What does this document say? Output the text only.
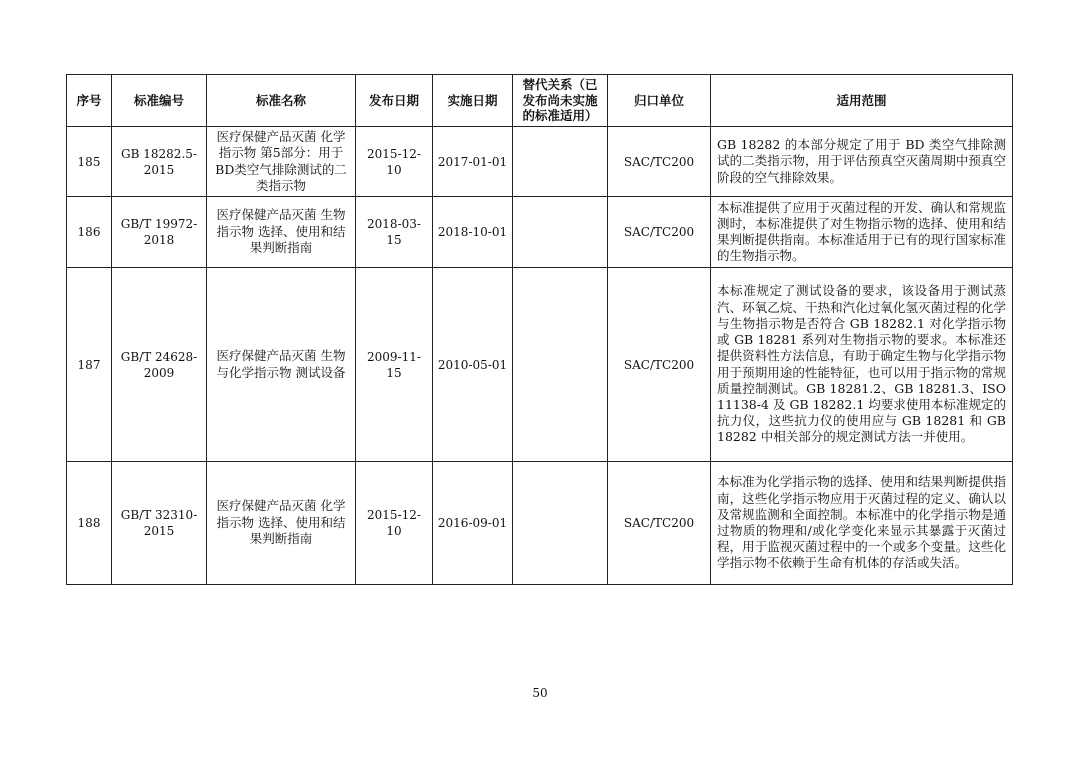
序号	标准编号	标准名称	发布日期	实施日期	替代关系（已发布尚未实施的标准适用）	归口单位	适用范围
185	GB 18282.5-2015	医疗保健产品灭菌 化学指示物 第5部分：用于BD类空气排除测试的二类指示物	2015-12-10	2017-01-01		SAC/TC200	GB 18282 的本部分规定了用于 BD 类空气排除测试的二类指示物，用于评估预真空灭菌周期中预真空阶段的空气排除效果。
186	GB/T 19972-2018	医疗保健产品灭菌 生物指示物 选择、使用和结果判断指南	2018-03-15	2018-10-01		SAC/TC200	本标准提供了应用于灭菌过程的开发、确认和常规监测时，本标准提供了对生物指示物的选择、使用和结果判断提供指南。本标准适用于已有的现行国家标准的生物指示物。
187	GB/T 24628-2009	医疗保健产品灭菌 生物与化学指示物 测试设备	2009-11-15	2010-05-01		SAC/TC200	本标准规定了测试设备的要求，该设备用于测试蒸汽、环氧乙烷、干热和汽化过氧化氢灭菌过程的化学与生物指示物是否符合 GB 18282.1 对化学指示物或 GB 18281 系列对生物指示物的要求。本标准还提供资料性方法信息，有助于确定生物与化学指示物用于预期用途的性能特征，也可以用于指示物的常规质量控制测试。GB 18281.2、GB 18281.3、ISO 11138-4 及 GB 18282.1 均要求使用本标准规定的抗力仪，这些抗力仪的使用应与 GB 18281 和 GB 18282 中相关部分的规定测试方法一并使用。
188	GB/T 32310-2015	医疗保健产品灭菌 化学指示物 选择、使用和结果判断指南	2015-12-10	2016-09-01		SAC/TC200	本标准为化学指示物的选择、使用和结果判断提供指南，这些化学指示物应用于灭菌过程的定义、确认以及常规监测和全面控制。本标准中的化学指示物是通过物质的物理和/或化学变化来显示其暴露于灭菌过程，用于监视灭菌过程中的一个或多个变量。这些化学指示物不依赖于生命有机体的存活或失活。
50
